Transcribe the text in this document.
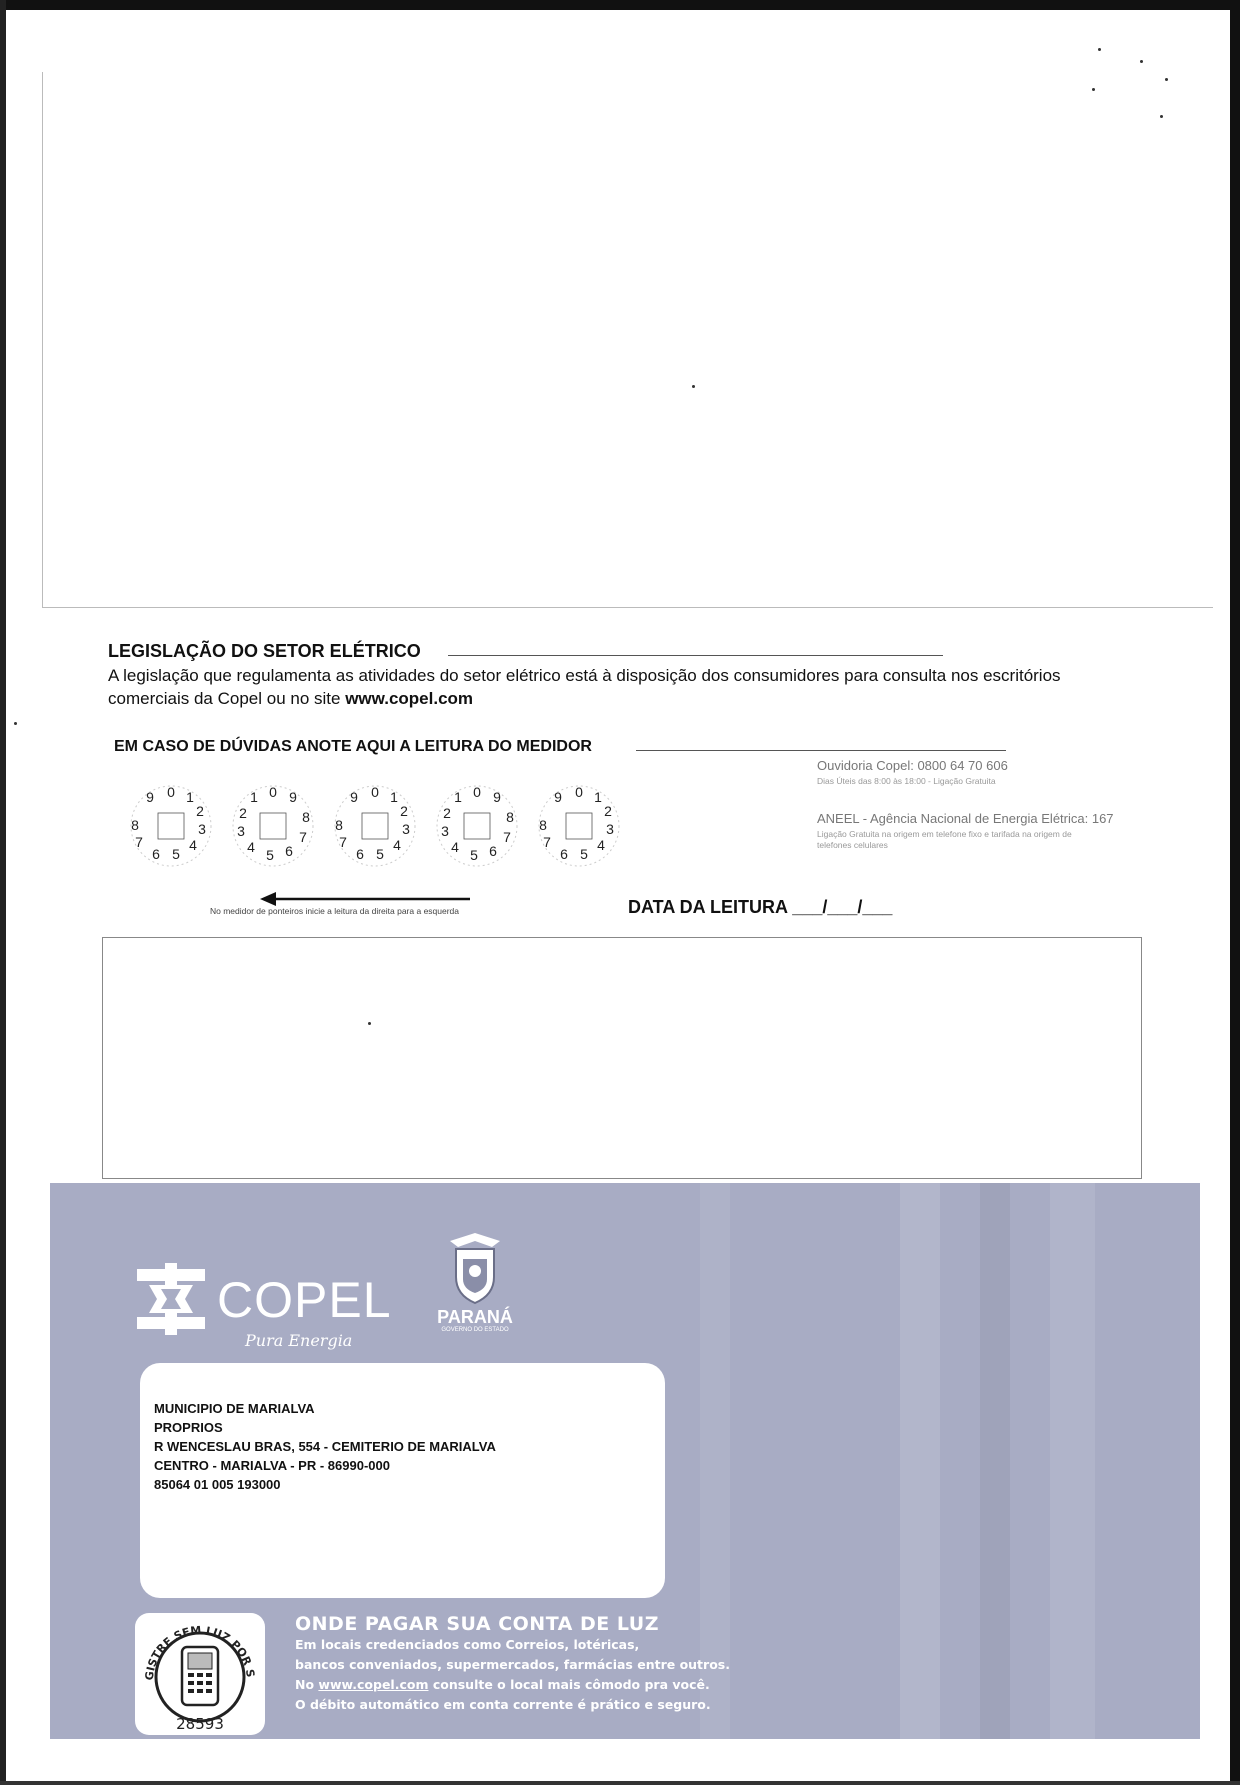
LEGISLAÇÃO DO SETOR ELÉTRICO
A legislação que regulamenta as atividades do setor elétrico está à disposição dos consumidores para consulta nos escritórios comerciais da Copel ou no site www.copel.com
EM CASO DE DÚVIDAS ANOTE AQUI A LEITURA DO MEDIDOR
Ouvidoria Copel: 0800 64 70 606
Dias Úteis das 8:00 às 18:00 - Ligação Gratuita
ANEEL - Agência Nacional de Energia Elétrica: 167
Ligação Gratuita na origem em telefone fixo e tarifada na origem de
telefones celulares
0 1
2
3
4
5
6
7
8
9	0
1
2
3
4 5 6
7
8
9	0 1
2
3
4
5
6
7
8
9	0
1
2
3
4 5 6
7
8
9	0 1
2
3
4
5
6
7
8
9
No medidor de ponteiros inicie a leitura da direita para a esquerda	DATA DA LEITURA ___/___/___
COPEL
Pura Energia
PARANÁ
GOVERNO DO ESTADO
MUNICIPIO DE MARIALVA
PROPRIOS
R WENCESLAU BRAS, 554 - CEMITERIO DE MARIALVA
CENTRO - MARIALVA - PR - 86990-000
85064 01 005 193000
GISTRE SEM LUZ POR S
28593
ONDE PAGAR SUA CONTA DE LUZ
Em locais credenciados como Correios, lotéricas,
bancos conveniados, supermercados, farmácias entre outros.
No www.copel.com consulte o local mais cômodo pra você.
O débito automático em conta corrente é prático e seguro.
